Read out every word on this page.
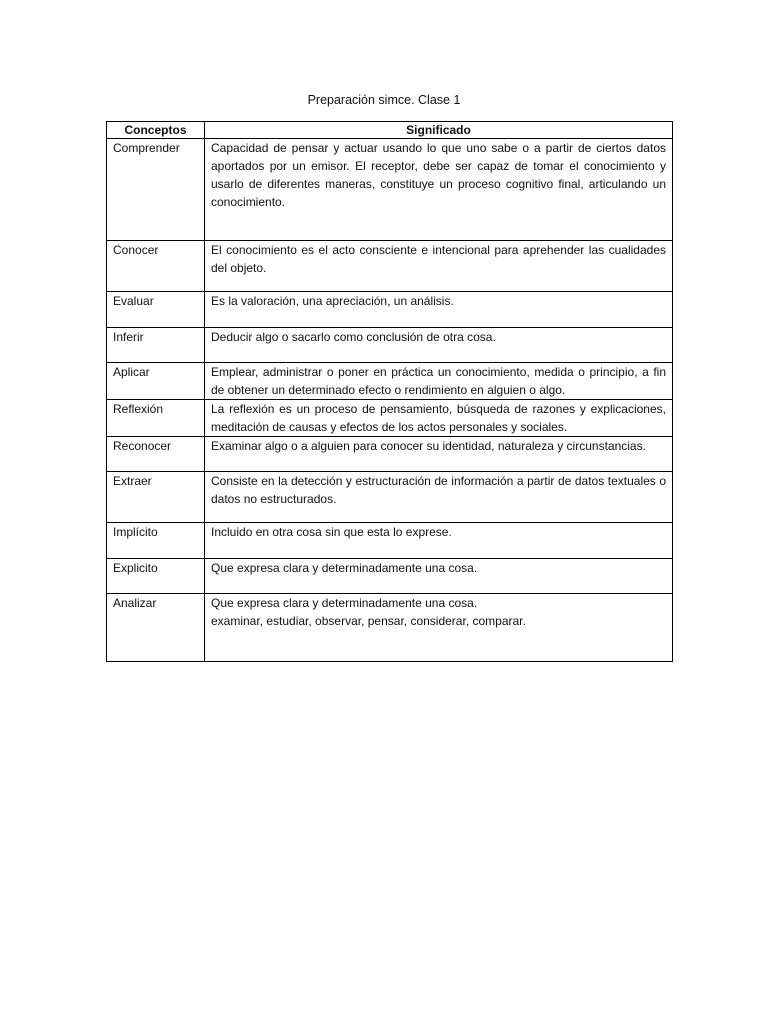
Preparación simce. Clase 1
Conceptos	Significado
Comprender	Capacidad de pensar y actuar usando lo que uno sabe o a partir de ciertos datos aportados por un emisor. El receptor, debe ser capaz de tomar el conocimiento y usarlo de diferentes maneras, constituye un proceso cognitivo final, articulando un conocimiento.

Conocer	El conocimiento es el acto consciente e intencional para aprehender las cualidades del objeto.

Evaluar	Es la valoración, una apreciación, un análisis.

Inferir	Deducir algo o sacarlo como conclusión de otra cosa.

Aplicar	Emplear, administrar o poner en práctica un conocimiento, medida o principio, a fin de obtener un determinado efecto o rendimiento en alguien o algo.

Reflexión	La reflexión es un proceso de pensamiento, búsqueda de razones y explicaciones, meditación de causas y efectos de los actos personales y sociales.

Reconocer	Examinar algo o a alguien para conocer su identidad, naturaleza y circunstancias.

Extraer	Consiste en la detección y estructuración de información a partir de datos textuales o datos no estructurados.

Implícito	Incluido en otra cosa sin que esta lo exprese.

Explicito	Que expresa clara y determinadamente una cosa.

Analizar	Que expresa clara y determinadamente una cosa.
examinar, estudiar, observar, pensar, considerar, comparar.
